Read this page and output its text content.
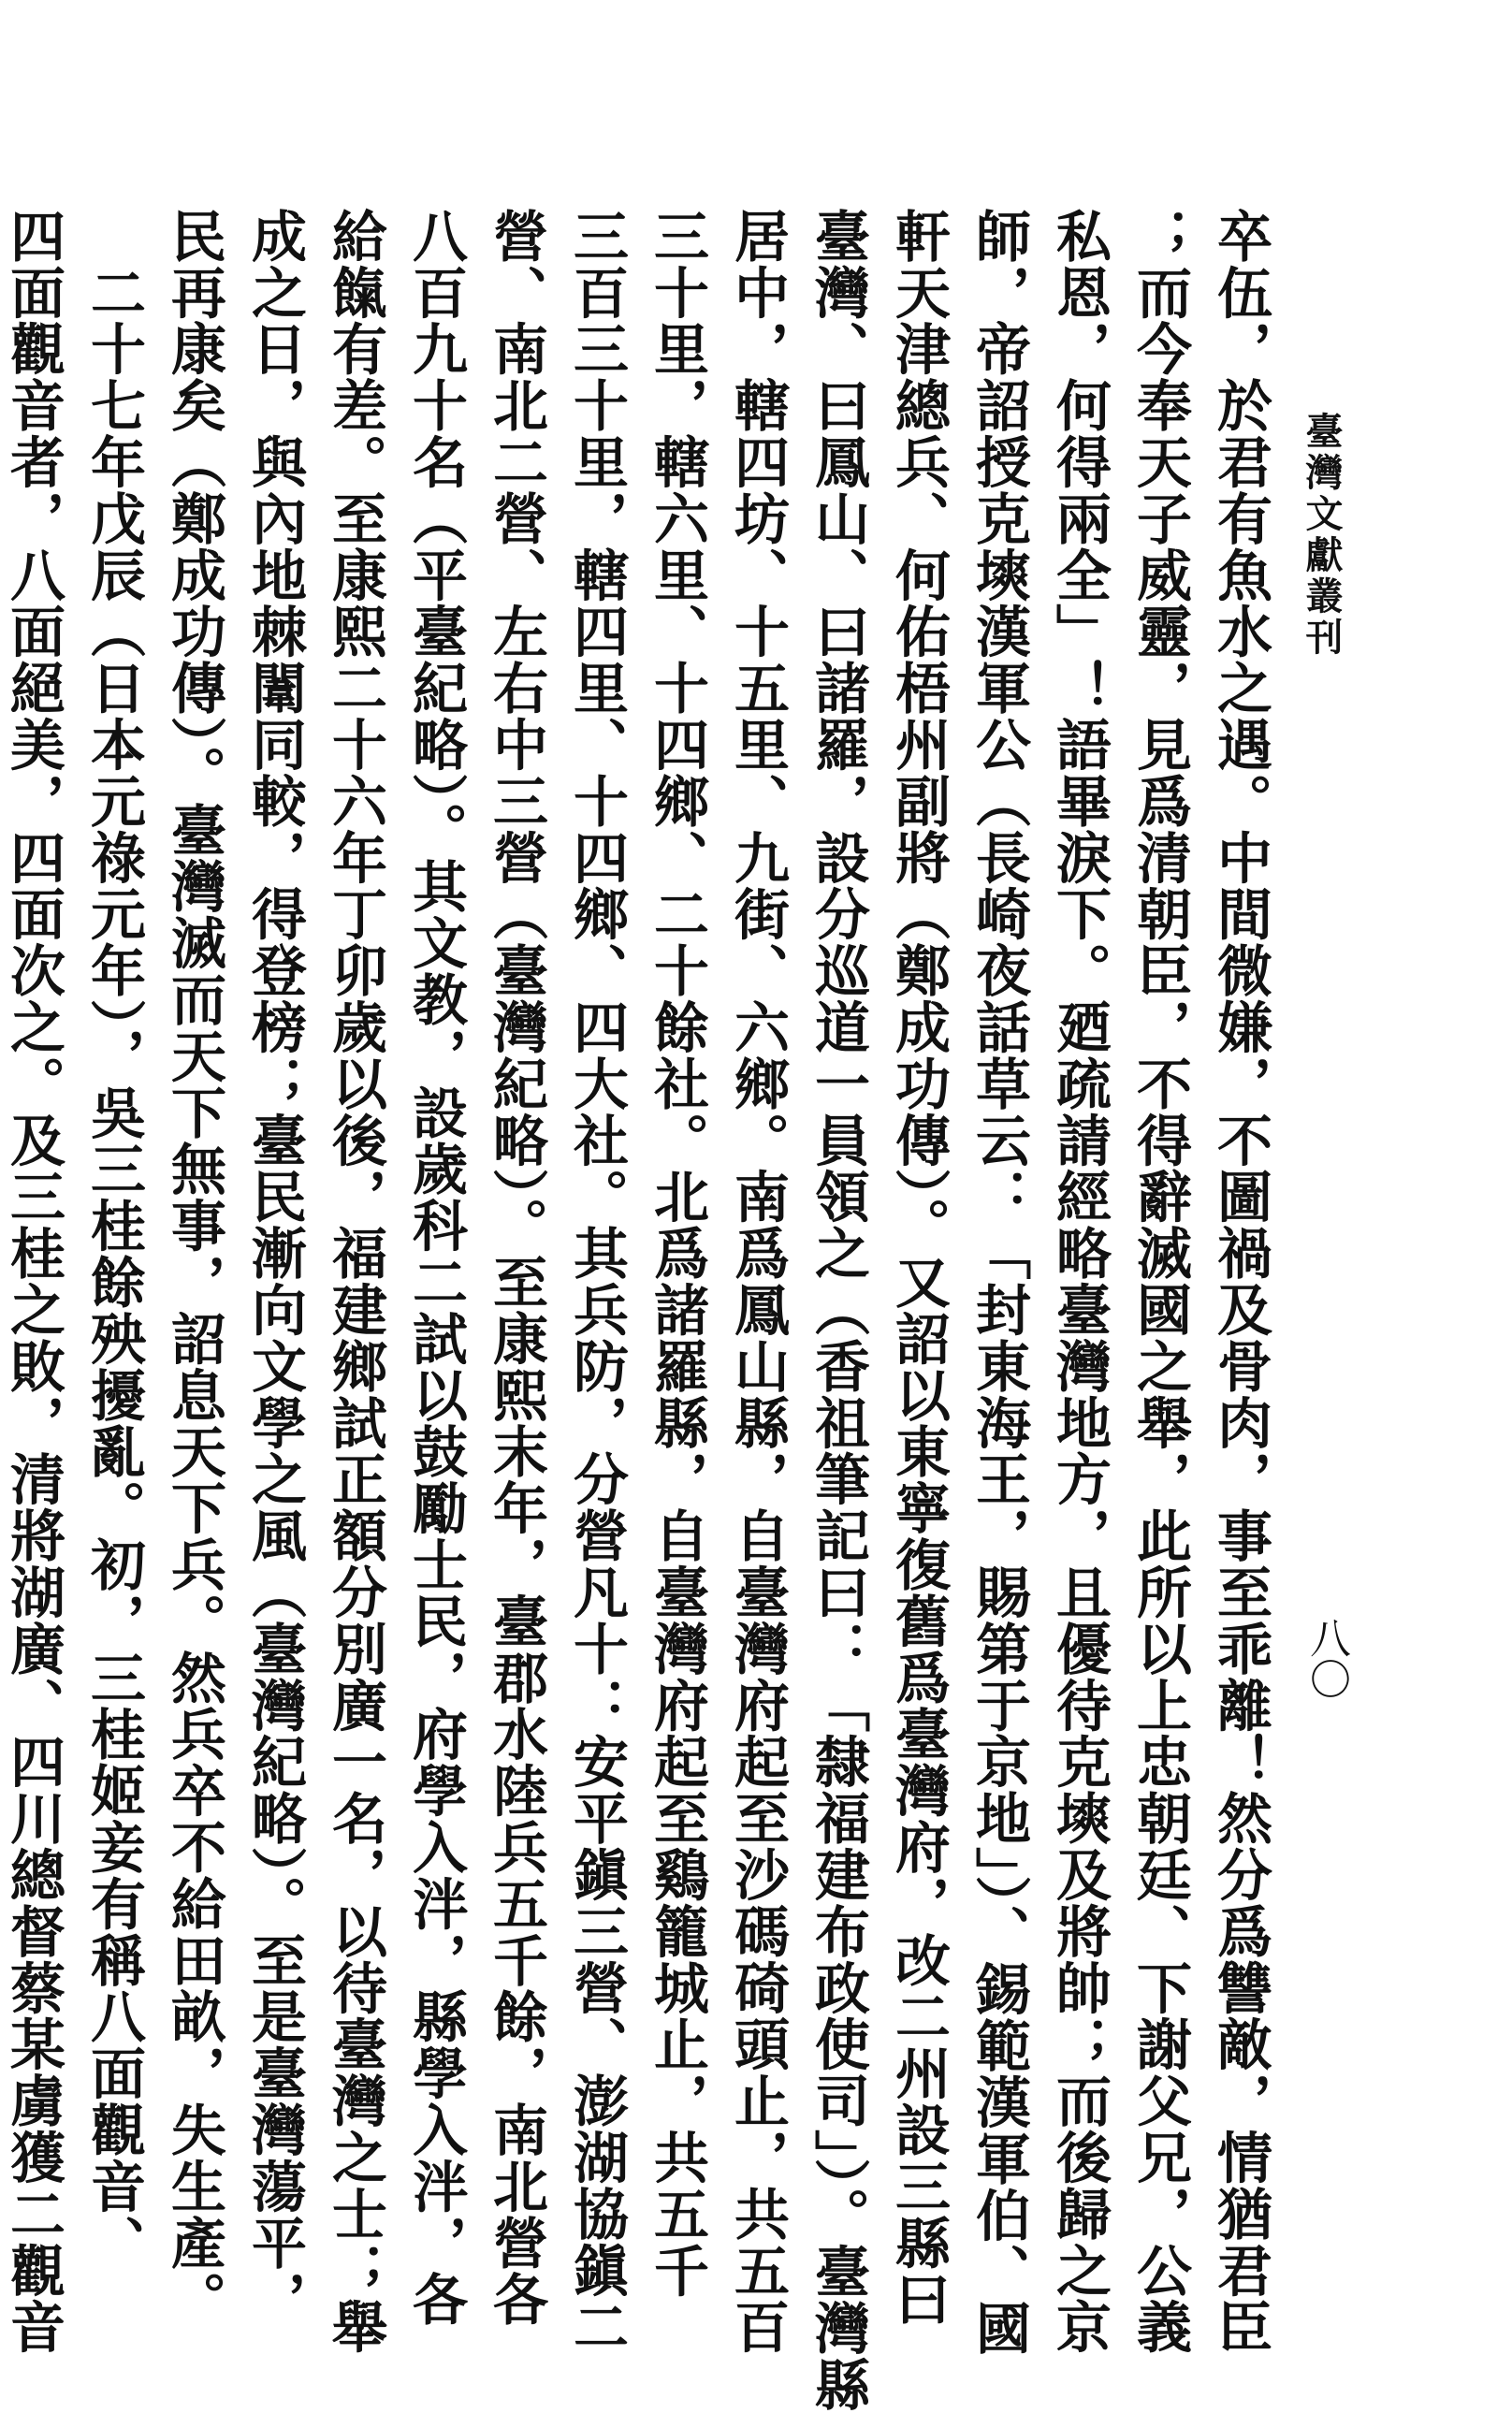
臺灣文獻叢刊
八〇
卒伍，於君有魚水之遇。中間微嫌，不圖禍及骨肉，事至乖離！然分爲讐敵，情猶君臣
；而今奉天子威靈，見爲清朝臣，不得辭滅國之舉，此所以上忠朝廷、下謝父兄，公義
私恩，何得兩全」！語畢淚下。廼疏請經略臺灣地方，且優待克塽及將帥；而後歸之京
師，帝詔授克塽漢軍公（長崎夜話草云：「封東海王，賜第于京地」）、錫範漢軍伯、國
軒天津總兵、何佑梧州副將（鄭成功傳）。又詔以東寧復舊爲臺灣府，改二州設三縣曰
臺灣、曰鳳山、曰諸羅，設分巡道一員領之（香祖筆記曰：「隸福建布政使司」）。臺灣縣
居中，轄四坊、十五里、九街、六鄉。南爲鳳山縣，自臺灣府起至沙碼碕頭止，共五百
三十里，轄六里、十四鄉、二十餘社。北爲諸羅縣，自臺灣府起至鷄籠城止，共五千
三百三十里，轄四里、十四鄉、四大社。其兵防，分營凡十：安平鎭三營、澎湖協鎭二
營、南北二營、左右中三營（臺灣紀略）。至康熙末年，臺郡水陸兵五千餘，南北營各
八百九十名（平臺紀略）。其文教，設歲科二試以鼓勵士民，府學入泮，縣學入泮，各
給餼有差。至康熙二十六年丁卯歲以後，福建鄉試正額分別廣一名，以待臺灣之士；舉
成之日，與內地棘闈同較，得登榜；臺民漸向文學之風（臺灣紀略）。至是臺灣蕩平，
民再康矣（鄭成功傳）。臺灣滅而天下無事，詔息天下兵。然兵卒不給田畝，失生產。
　二十七年戊辰（日本元祿元年），吳三桂餘殃擾亂。初，三桂姬妾有稱八面觀音、
四面觀音者，八面絕美，四面次之。及三桂之敗，清將湖廣、四川總督蔡某虜獲二觀音
